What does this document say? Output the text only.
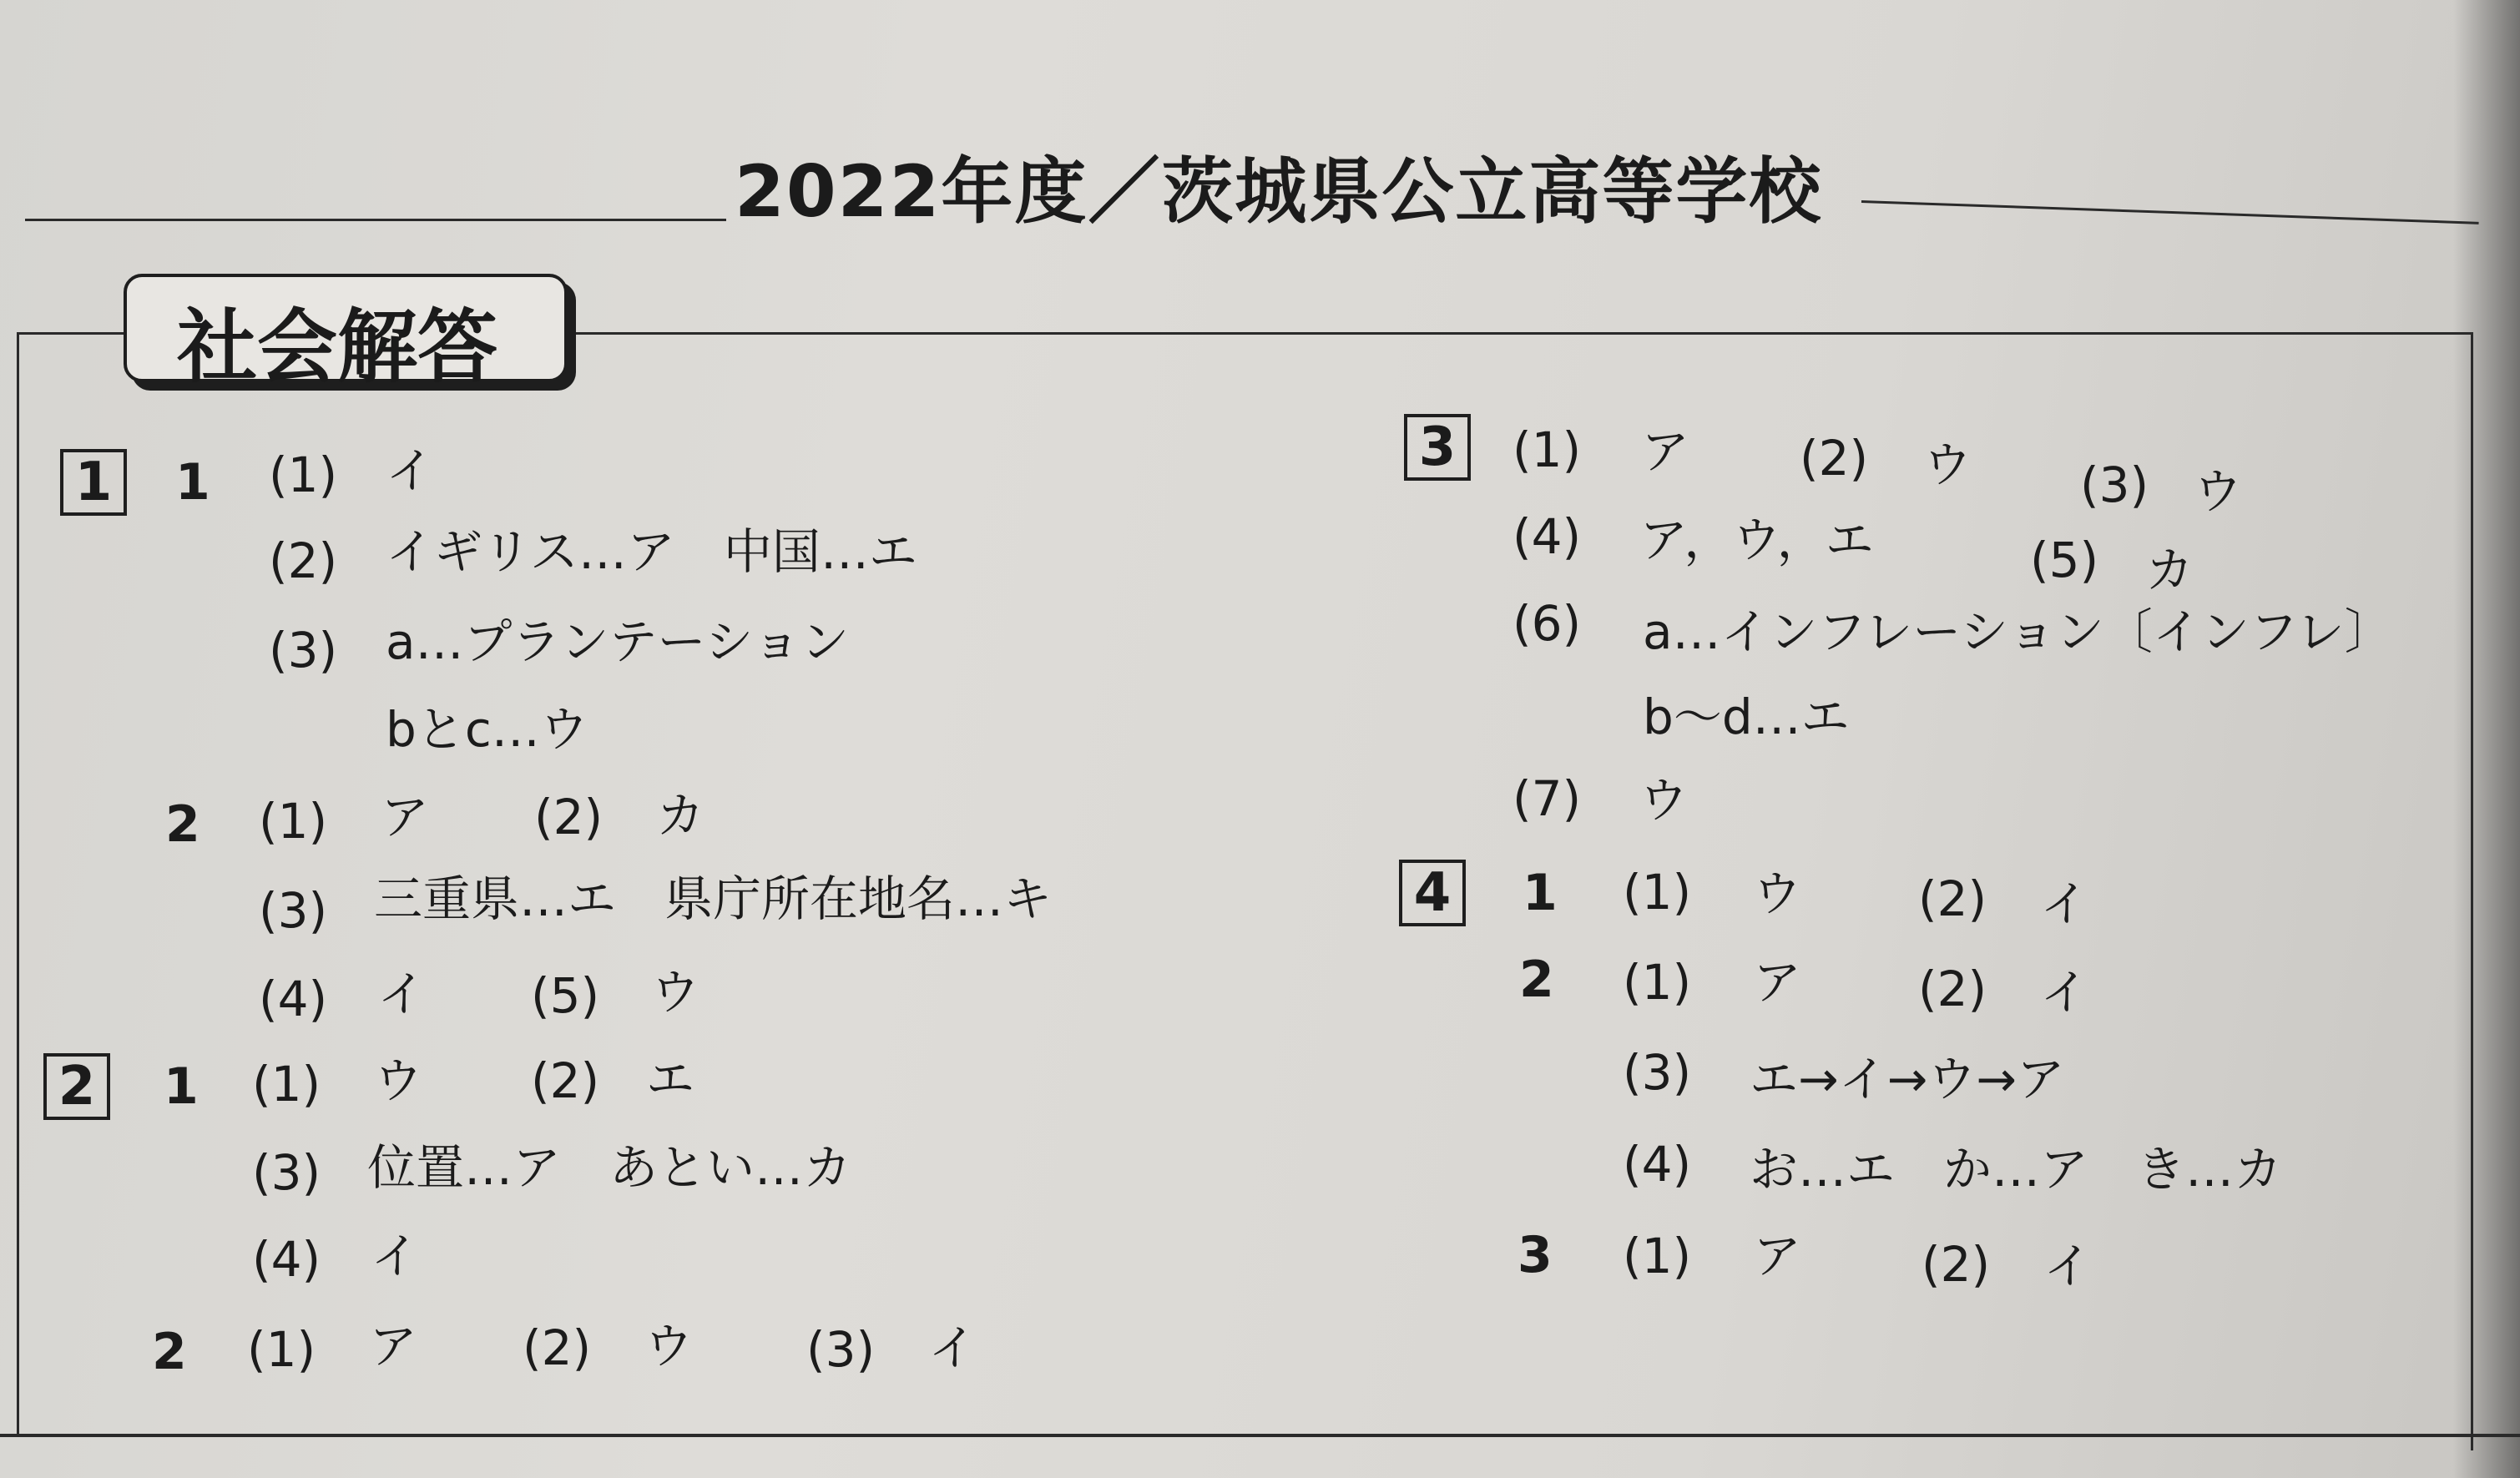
2022年度／茨城県公立高等学校
社会解答
1 1 (1) イ
(2) イギリス…ア　中国…エ
(3) a…プランテーション
bとc…ウ
2 (1) ア (2) カ
(3) 三重県…エ　県庁所在地名…キ
(4) イ (5) ウ
2 1 (1) ウ (2) エ
(3) 位置…ア　あとい…カ
(4) イ
2 (1) ア (2) ウ (3) イ
3	(1) ア (2) ウ (3) ウ
(4) ア，ウ，エ	(5) カ
(6) a…インフレーション〔インフレ〕
b～d…エ
(7) ウ
4 1 (1) ウ (2) イ
2 (1) ア (2) イ
(3) エ→イ→ウ→ア
(4) お…エ　か…ア　き…カ
3 (1) ア (2) イ
